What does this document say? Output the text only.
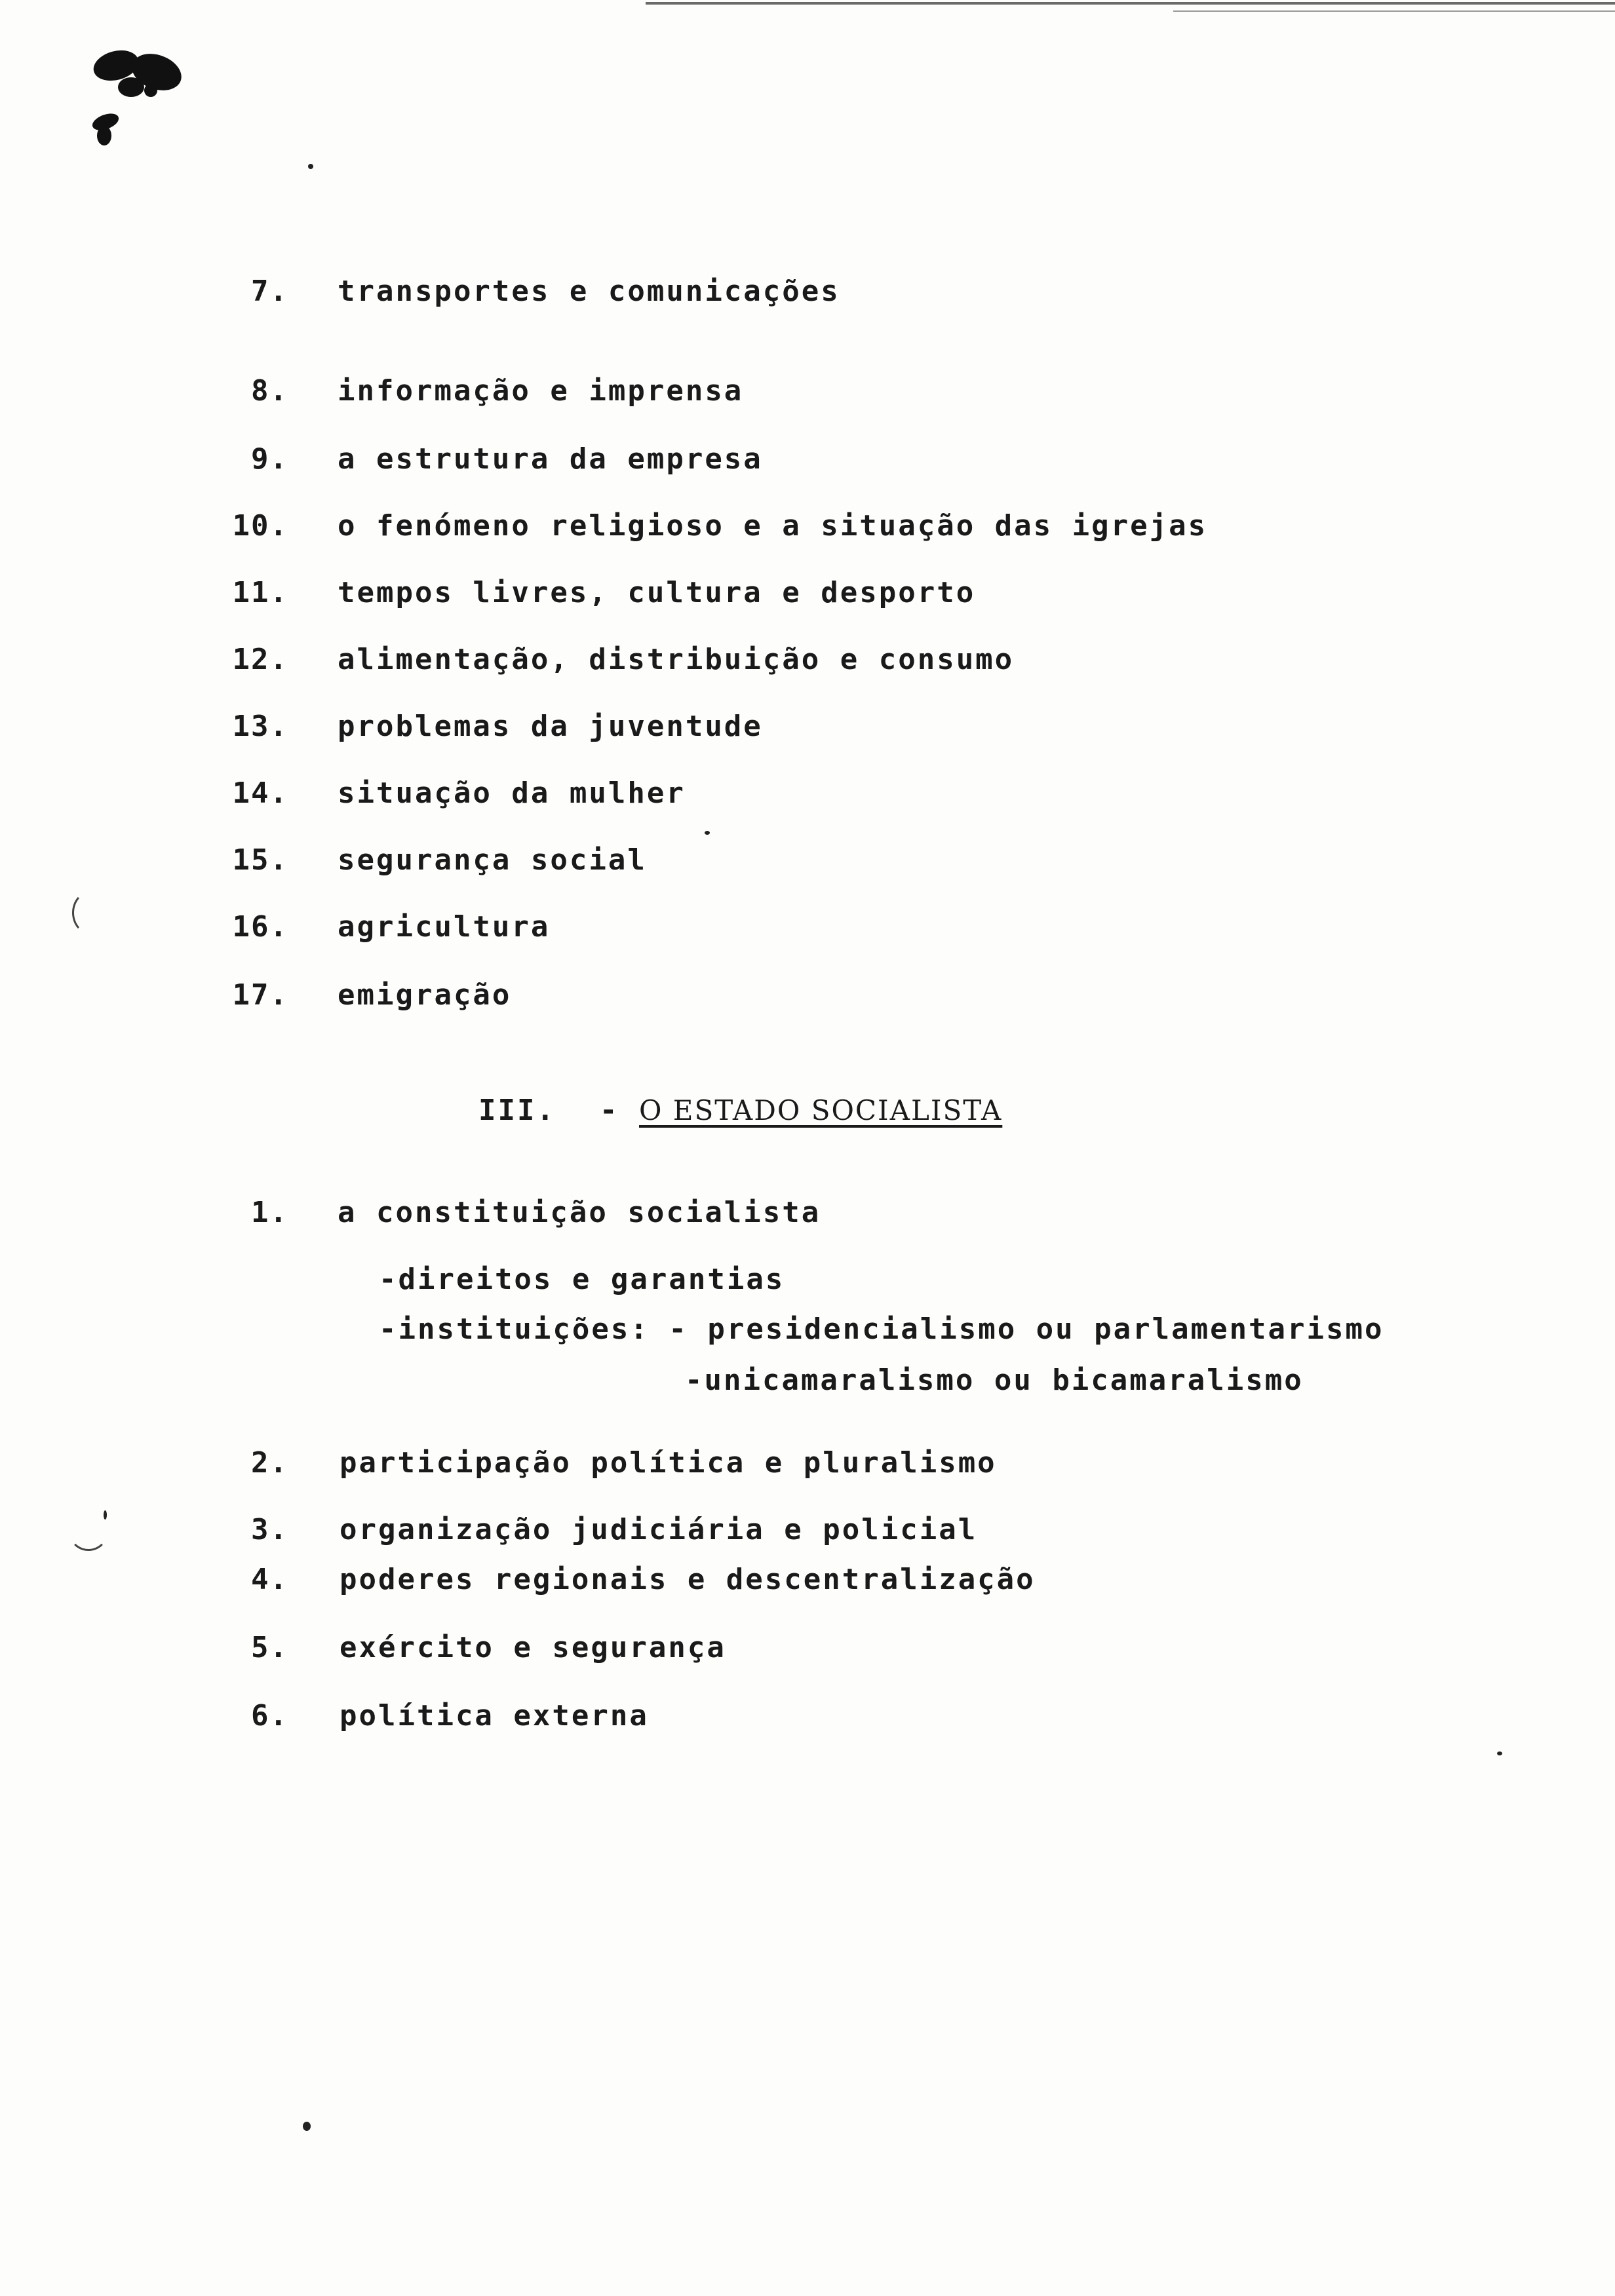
7. transportes e comunicações
8. informação e imprensa
9. a estrutura da empresa
10. o fenómeno religioso e a situação das igrejas
11. tempos livres, cultura e desporto
12. alimentação, distribuição e consumo
13. problemas da juventude
14. situação da mulher
15. segurança social
16. agricultura
17. emigração
III. - O ESTADO SOCIALISTA
1. a constituição socialista
-direitos e garantias
-instituições: - presidencialismo ou parlamentarismo
-unicamaralismo ou bicamaralismo
2. participação política e pluralismo
3. organização judiciária e policial
4. poderes regionais e descentralização
5. exército e segurança
6. política externa
